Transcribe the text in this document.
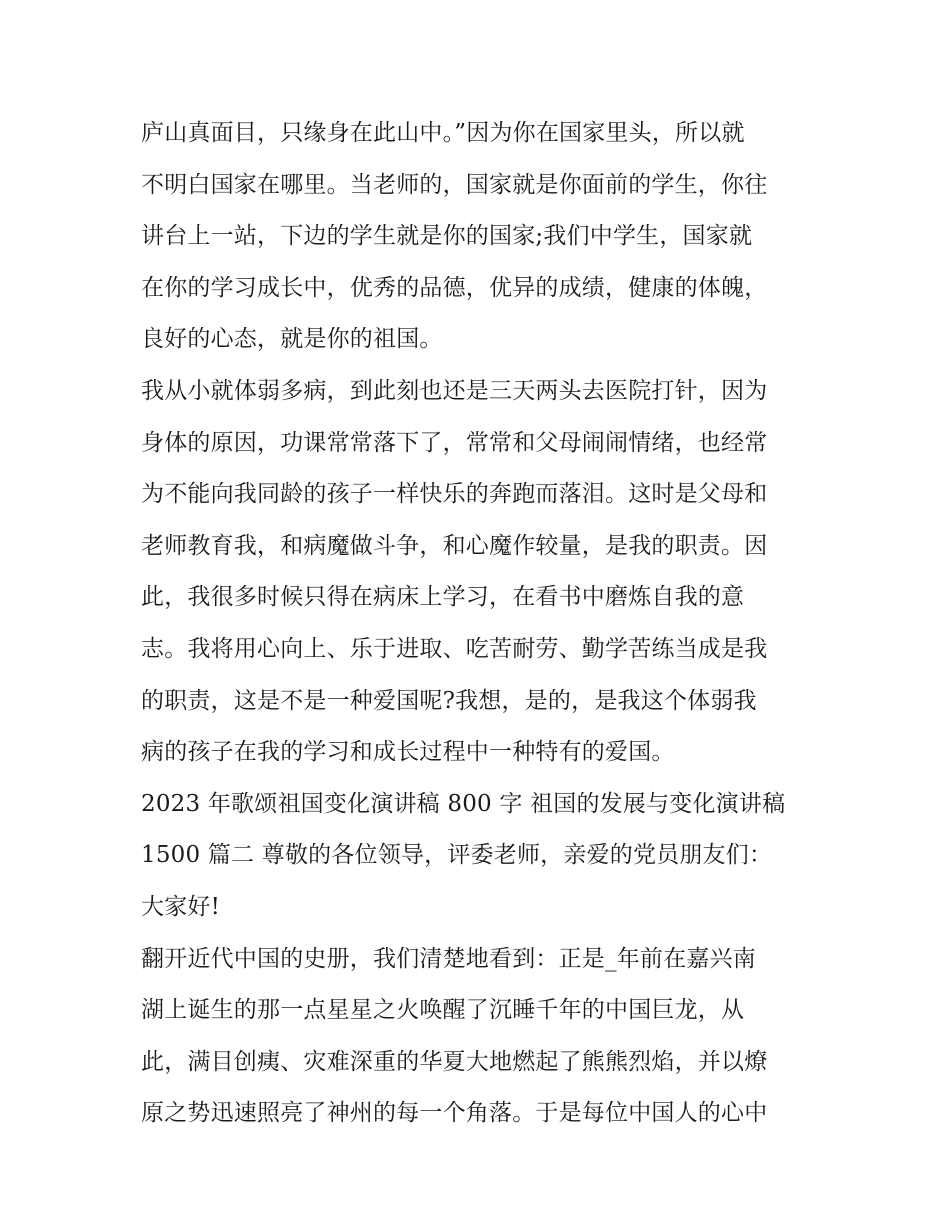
庐山真面目，只缘身在此山中。”因为你在国家里头，所以就
不明白国家在哪里。当老师的，国家就是你面前的学生，你往
讲台上一站，下边的学生就是你的国家;我们中学生，国家就
在你的学习成长中，优秀的品德，优异的成绩，健康的体魄，
良好的心态，就是你的祖国。
我从小就体弱多病，到此刻也还是三天两头去医院打针，因为
身体的原因，功课常常落下了，常常和父母闹闹情绪，也经常
为不能向我同龄的孩子一样快乐的奔跑而落泪。这时是父母和
老师教育我，和病魔做斗争，和心魔作较量，是我的职责。因
此，我很多时候只得在病床上学习，在看书中磨炼自我的意
志。我将用心向上、乐于进取、吃苦耐劳、勤学苦练当成是我
的职责，这是不是一种爱国呢?我想，是的，是我这个体弱我
病的孩子在我的学习和成长过程中一种特有的爱国。
2023 年歌颂祖国变化演讲稿 800 字 祖国的发展与变化演讲稿
1500 篇二 尊敬的各位领导，评委老师，亲爱的党员朋友们：
大家好!
翻开近代中国的史册，我们清楚地看到：正是_年前在嘉兴南
湖上诞生的那一点星星之火唤醒了沉睡千年的中国巨龙，从
此，满目创痍、灾难深重的华夏大地燃起了熊熊烈焰，并以燎
原之势迅速照亮了神州的每一个角落。于是每位中国人的心中
